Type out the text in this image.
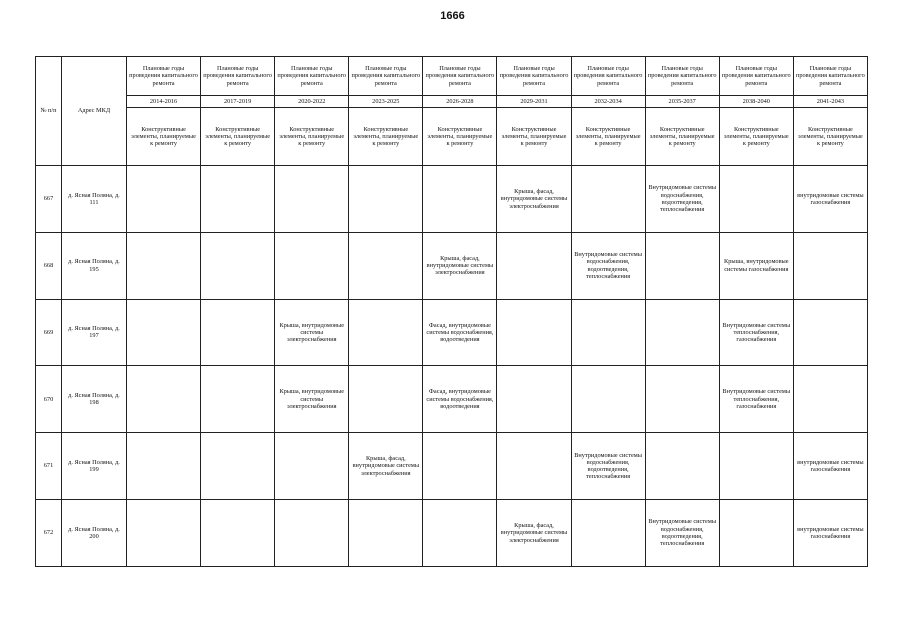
1666
№ п/п	Адрес МКД	Плановые годы проведения капитального ремонта	Плановые годы проведения капитального ремонта	Плановые годы проведения капитального ремонта	Плановые годы проведения капитального ремонта	Плановые годы проведения капитального ремонта	Плановые годы проведения капитального ремонта	Плановые годы проведения капитального ремонта	Плановые годы проведения капитального ремонта	Плановые годы проведения капитального ремонта	Плановые годы проведения капитального ремонта
		2014-2016	2017-2019	2020-2022	2023-2025	2026-2028	2029-2031	2032-2034	2035-2037	2038-2040	2041-2043
		Конструктивные элементы, планируемые к ремонту	Конструктивные элементы, планируемые к ремонту	Конструктивные элементы, планируемые к ремонту	Конструктивные элементы, планируемые к ремонту	Конструктивные элементы, планируемые к ремонту	Конструктивные элементы, планируемые к ремонту	Конструктивные элементы, планируемые к ремонту	Конструктивные элементы, планируемые к ремонту	Конструктивные элементы, планируемые к ремонту	Конструктивные элементы, планируемые к ремонту
667	д. Ясная Поляна, д. 111						Крыша, фасад, внутридомовые системы электроснабжения		Внутридомовые системы водоснабжения, водоотведения, теплоснабжения		внутридомовые системы газоснабжения
668	д. Ясная Поляна, д. 195					Крыша, фасад, внутридомовые системы электроснабжения		Внутридомовые системы водоснабжения, водоотведения, теплоснабжения		Крыша, внутридомовые системы газоснабжения	
669	д. Ясная Поляна, д. 197			Крыша, внутридомовые системы электроснабжения		Фасад, внутридомовые системы водоснабжения, водоотведения				Внутридомовые системы теплоснабжения, газоснабжения	
670	д. Ясная Поляна, д. 198			Крыша, внутридомовые системы электроснабжения		Фасад, внутридомовые системы водоснабжения, водоотведения				Внутридомовые системы теплоснабжения, газоснабжения	
671	д. Ясная Поляна, д. 199				Крыша, фасад, внутридомовые системы электроснабжения			Внутридомовые системы водоснабжения, водоотведения, теплоснабжения			внутридомовые системы газоснабжения
672	д. Ясная Поляна, д. 200						Крыша, фасад, внутридомовые системы электроснабжения		Внутридомовые системы водоснабжения, водоотведения, теплоснабжения		внутридомовые системы газоснабжения
